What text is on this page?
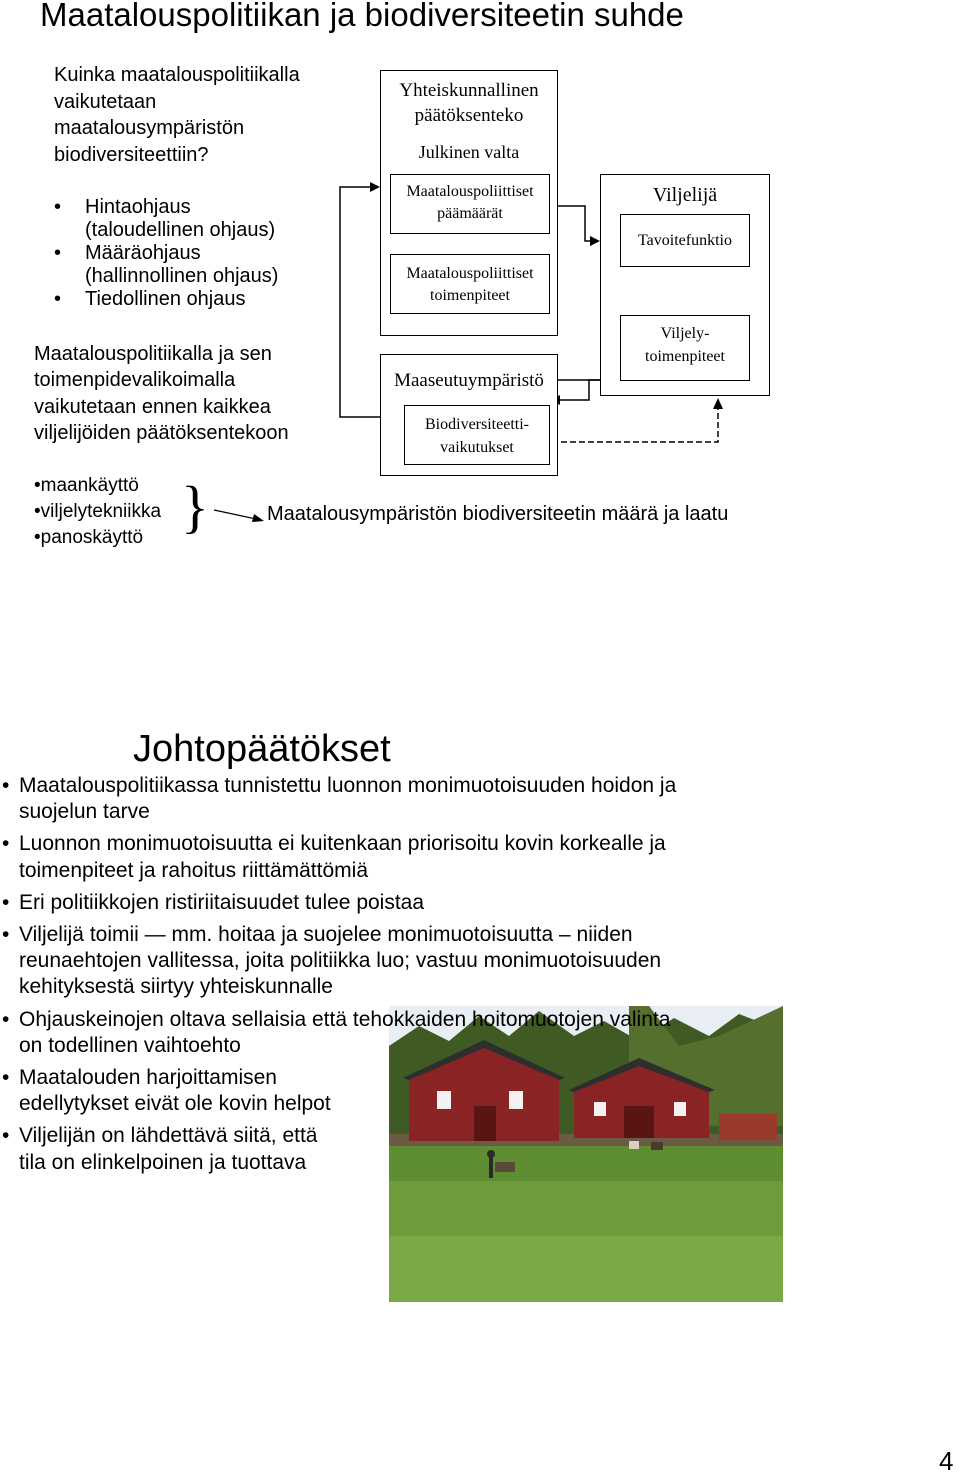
Maatalouspolitiikan ja biodiversiteetin suhde
Kuinka maatalouspolitiikalla vaikutetaan maatalousympäristön biodiversiteettiin?
• Hintaohjaus
(taloudellinen ohjaus)
• Määräohjaus
(hallinnollinen ohjaus)
• Tiedollinen ohjaus
Maatalouspolitiikalla ja sen toimenpidevalikoimalla vaikutetaan ennen kaikkea viljelijöiden päätöksentekoon
•maankäyttö
•viljelytekniikka
•panoskäyttö }	Maatalousympäristön biodiversiteetin määrä ja laatu
Yhteiskunnallinen
päätöksenteko
Julkinen valta
Maatalouspoliittiset
päämäärät
Maatalouspoliittiset
toimenpiteet
Maaseutuympäristö
Biodiversiteetti-
vaikutukset
Viljelijä
Tavoitefunktio
Viljely-
toimenpiteet
Johtopäätökset
• Maatalouspolitiikassa tunnistettu luonnon monimuotoisuuden hoidon ja
suojelun tarve
• Luonnon monimuotoisuutta ei kuitenkaan priorisoitu kovin korkealle ja
toimenpiteet ja rahoitus riittämättömiä
• Eri politiikkojen ristiriitaisuudet tulee poistaa
• Viljelijä toimii — mm. hoitaa ja suojelee monimuotoisuutta – niiden
reunaehtojen vallitessa, joita politiikka luo; vastuu monimuotoisuuden
kehityksestä siirtyy yhteiskunnalle
• Ohjauskeinojen oltava sellaisia että tehokkaiden hoitomuotojen valinta
on todellinen vaihtoehto
• Maatalouden harjoittamisen
edellytykset eivät ole kovin helpot
• Viljelijän on lähdettävä siitä, että
tila on elinkelpoinen ja tuottava
4
